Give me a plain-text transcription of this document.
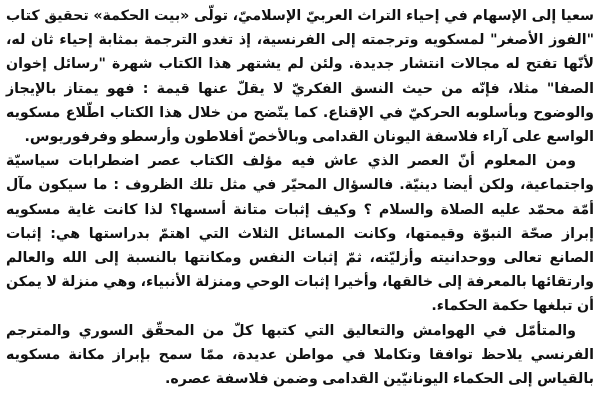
سعيا إلى الإسهام في إحياء التراث العربيّ الإسلاميّ، تولّى «بيت الحكمة» تحقيق كتاب "الفوز الأصغر" لمسكويه وترجمته إلى الفرنسية، إذ تغدو الترجمة بمثابة إحياء ثان له، لأنّها تفتح له مجالات انتشار جديدة. ولئن لم يشتهر هذا الكتاب شهرة "رسائل إخوان الصفا" مثلا، فإنّه من حيث النسق الفكريّ لا يقلّ عنها قيمة : فهو يمتاز بالإيجاز والوضوح وبأسلوبه الحركيّ في الإقناع. كما يتّضح من خلال هذا الكتاب اطّلاع مسكويه الواسع على آراء فلاسفة اليونان القدامى وبالأخصّ أفلاطون وأرسطو وفرفوريوس.

ومن المعلوم أنّ العصر الذي عاش فيه مؤلف الكتاب عصر اضطرابات سياسيّة واجتماعية، ولكن أيضا دينيّة. فالسؤال المحيّر في مثل تلك الظروف : ما سيكون مآل أمّة محمّد عليه الصلاة والسلام ؟ وكيف إثبات متانة أسسها؟ لذا كانت غاية مسكويه إبراز صحّة النبوّة وقيمتها، وكانت المسائل الثلاث التي اهتمّ بدراستها هي: إثبات الصانع تعالى ووحدانيته وأزليّته، ثمّ إثبات النفس ومكانتها بالنسبة إلى الله والعالم وارتقائها بالمعرفة إلى خالقها، وأخيرا إثبات الوحي ومنزلة الأنبياء، وهي منزلة لا يمكن أن تبلغها حكمة الحكماء.

والمتأمّل في الهوامش والتعاليق التي كتبها كلّ من المحقّق السوري والمترجم الفرنسي يلاحظ توافقا وتكاملا في مواطن عديدة، ممّا سمح بإبراز مكانة مسكويه بالقياس إلى الحكماء اليونانيّين القدامى وضمن فلاسفة عصره.
